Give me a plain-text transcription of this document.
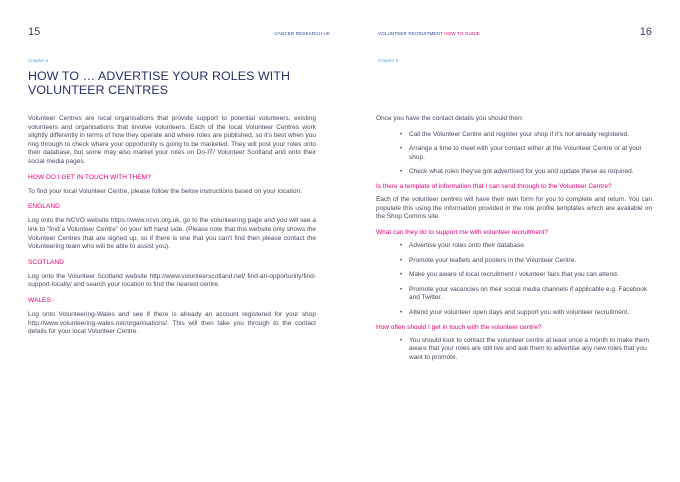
15	CANCER RESEARCH UK
Chapter 6
HOW TO … ADVERTISE YOUR ROLES WITH VOLUNTEER CENTRES

Volunteer Centres are local organisations that provide support to potential volunteers, existing volunteers and organisations that involve volunteers. Each of the local Volunteer Centres work slightly differently in terms of how they operate and where roles are published, so it's best when you ring through to check where your opportunity is going to be marketed. They will post your roles onto their database, but some may also market your roles on Do-IT/ Volunteer Scotland and onto their social media pages.

HOW DO I GET IN TOUCH WITH THEM?

To find your local Volunteer Centre, please follow the below instructions based on your location:

ENGLAND

Log onto the NCVO website https://www.ncvo.org.uk, go to the volunteering page and you will see a link to "find a Volunteer Centre" on your left hand side. (Please note that this website only shows the Volunteer Centres that are signed up, so if there is one that you can't find then please contact the Volunteering team who will be able to assist you).

SCOTLAND

Log onto the Volunteer Scotland website http://www.volunteerscotland.net/ find-an-opportunity/find-support-locally/ and search your location to find the nearest centre.

WALES

Log onto Volunteering-Wales and see if there is already an account registered for your shop http://www.volunteering-wales.net/organisations/. This will then take you through to the contact details for your local Volunteer Centre.

16
VOLUNTEER RECRUITMENT HOW TO GUIDE
Chapter 6

Once you have the contact details you should then:

• Call the Volunteer Centre and register your shop if it's not already registered.
• Arrange a time to meet with your contact either at the Volunteer Centre or at your shop.
• Check what roles they've got advertised for you and update these as required.
Is there a template of information that I can send through to the Volunteer Centre?

Each of the volunteer centres will have their own form for you to complete and return. You can populate this using the information provided in the role profile templates which are available on the Shop Comms site.

What can they do to support me with volunteer recruitment?
• Advertise your roles onto their database.
• Promote your leaflets and posters in the Volunteer Centre.
• Make you aware of local recruitment / volunteer fairs that you can attend.
• Promote your vacancies on their social media channels if applicable e.g. Facebook and Twitter.
• Attend your volunteer open days and support you with volunteer recruitment.
How often should I get in touch with the volunteer centre?
• You should look to contact the volunteer centre at least once a month to make them aware that your roles are still live and ask them to advertise any new roles that you want to promote.
